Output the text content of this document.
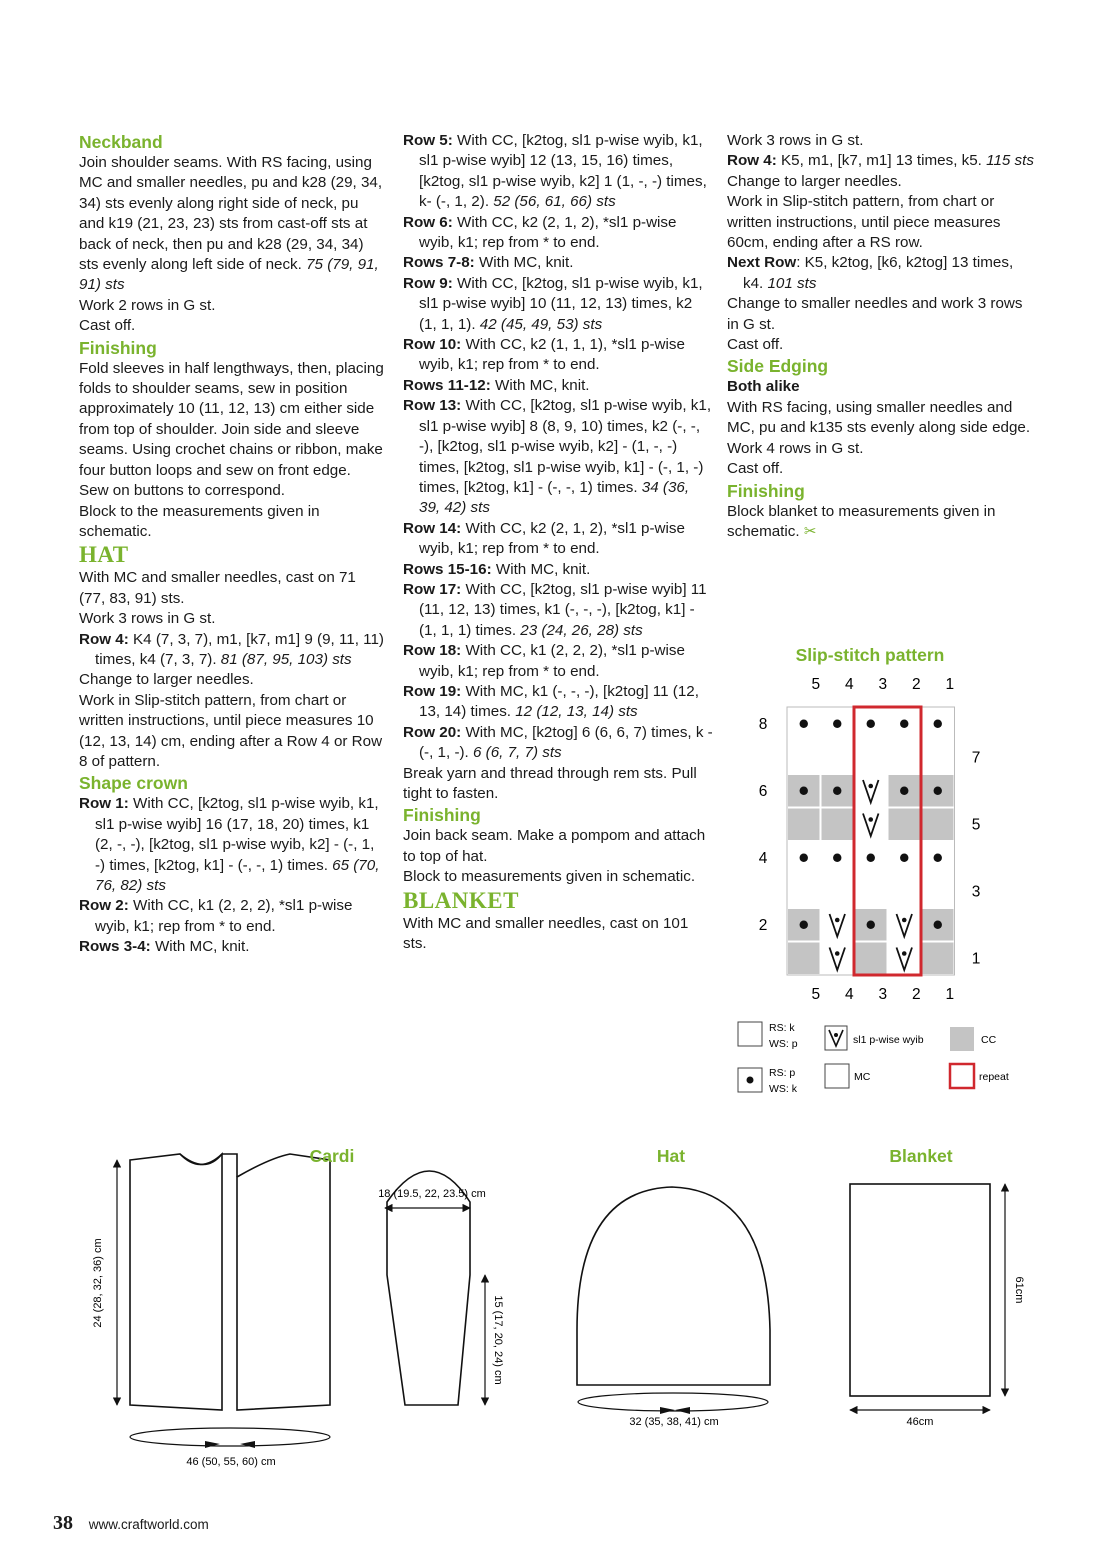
Neckband

Join shoulder seams. With RS facing, using MC and smaller needles, pu and k28 (29, 34, 34) sts evenly along right side of neck, pu and k19 (21, 23, 23) sts from cast-off sts at back of neck, then pu and k28 (29, 34, 34) sts evenly along left side of neck. 75 (79, 91, 91) sts

Work 2 rows in G st.

Cast off.

Finishing

Fold sleeves in half lengthways, then, placing folds to shoulder seams, sew in position approximately 10 (11, 12, 13) cm either side from top of shoulder. Join side and sleeve seams. Using crochet chains or ribbon, make four button loops and sew on front edge. Sew on buttons to correspond.

Block to the measurements given in schematic.

HAT

With MC and smaller needles, cast on 71 (77, 83, 91) sts.

Work 3 rows in G st.

Row 4: K4 (7, 3, 7), m1, [k7, m1] 9 (9, 11, 11) times, k4 (7, 3, 7). 81 (87, 95, 103) sts

Change to larger needles.

Work in Slip-stitch pattern, from chart or written instructions, until piece measures 10 (12, 13, 14) cm, ending after a Row 4 or Row 8 of pattern.

Shape crown

Row 1: With CC, [k2tog, sl1 p-wise wyib, k1, sl1 p-wise wyib] 16 (17, 18, 20) times, k1 (2, -, -), [k2tog, sl1 p-wise wyib, k2] - (-, 1, -) times, [k2tog, k1] - (-, -, 1) times. 65 (70, 76, 82) sts

Row 2: With CC, k1 (2, 2, 2), *sl1 p-wise wyib, k1; rep from * to end.

Rows 3-4: With MC, knit.

Row 5: With CC, [k2tog, sl1 p-wise wyib, k1, sl1 p-wise wyib] 12 (13, 15, 16) times, [k2tog, sl1 p-wise wyib, k2] 1 (1, -, -) times, k- (-, 1, 2). 52 (56, 61, 66) sts

Row 6: With CC, k2 (2, 1, 2), *sl1 p-wise wyib, k1; rep from * to end.

Rows 7-8: With MC, knit.

Row 9: With CC, [k2tog, sl1 p-wise wyib, k1, sl1 p-wise wyib] 10 (11, 12, 13) times, k2 (1, 1, 1). 42 (45, 49, 53) sts

Row 10: With CC, k2 (1, 1, 1), *sl1 p-wise wyib, k1; rep from * to end.

Rows 11-12: With MC, knit.

Row 13: With CC, [k2tog, sl1 p-wise wyib, k1, sl1 p-wise wyib] 8 (8, 9, 10) times, k2 (-, -, -), [k2tog, sl1 p-wise wyib, k2] - (1, -, -) times, [k2tog, sl1 p-wise wyib, k1] - (-, 1, -) times, [k2tog, k1] - (-, -, 1) times. 34 (36, 39, 42) sts

Row 14: With CC, k2 (2, 1, 2), *sl1 p-wise wyib, k1; rep from * to end.

Rows 15-16: With MC, knit.

Row 17: With CC, [k2tog, sl1 p-wise wyib] 11 (11, 12, 13) times, k1 (-, -, -), [k2tog, k1] - (1, 1, 1) times. 23 (24, 26, 28) sts

Row 18: With CC, k1 (2, 2, 2), *sl1 p-wise wyib, k1; rep from * to end.

Row 19: With MC, k1 (-, -, -), [k2tog] 11 (12, 13, 14) times. 12 (12, 13, 14) sts

Row 20: With MC, [k2tog] 6 (6, 6, 7) times, k - (-, 1, -). 6 (6, 7, 7) sts

Break yarn and thread through rem sts. Pull tight to fasten.

Finishing

Join back seam. Make a pompom and attach to top of hat.

Block to measurements given in schematic.

BLANKET

With MC and smaller needles, cast on 101 sts.

Work 3 rows in G st.

Row 4: K5, m1, [k7, m1] 13 times, k5. 115 sts

Change to larger needles.

Work in Slip-stitch pattern, from chart or written instructions, until piece measures 60cm, ending after a RS row.

Next Row: K5, k2tog, [k6, k2tog] 13 times, k4. 101 sts

Change to smaller needles and work 3 rows in G st.

Cast off.

Side Edging

Both alike

With RS facing, using smaller needles and MC, pu and k135 sts evenly along side edge.

Work 4 rows in G st.

Cast off.

Finishing

Block blanket to measurements given in schematic. ✂

Slip-stitch pattern
5 4 3 2 1
5 4 3 2 1
8
6
4
2
7
5
3
1
RS: k
WS: p	sl1 p-wise wyib	CC
RS: p
WS: k
MC	repeat
Cardi	Hat	Blanket
24 (28, 32, 36) cm
46 (50, 55, 60) cm
18 (19.5, 22, 23.5) cm
15 (17, 20, 24) cm
32 (35, 38, 41) cm
61cm
46cm
38 www.craftworld.com
